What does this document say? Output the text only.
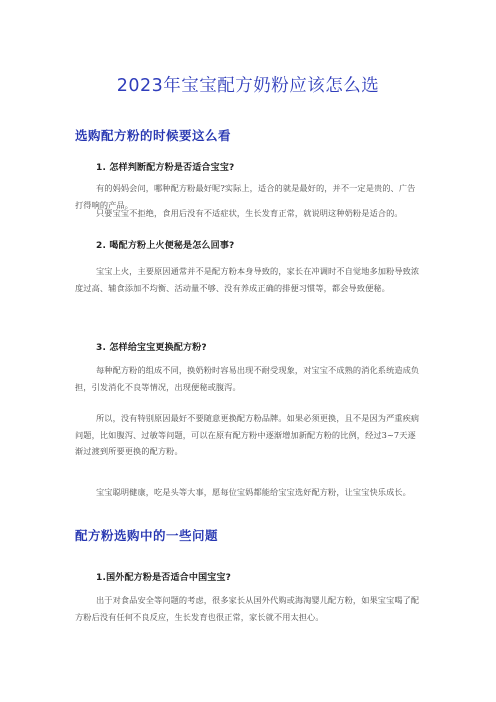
2023年宝宝配方奶粉应该怎么选
选购配方粉的时候要这么看
1. 怎样判断配方粉是否适合宝宝?

有的妈妈会问，哪种配方粉最好呢?实际上，适合的就是最好的，并不一定是贵的、广告打得响的产品。

只要宝宝不拒绝，食用后没有不适症状，生长发育正常，就说明这种奶粉是适合的。

2. 喝配方粉上火便秘是怎么回事?

宝宝上火，主要原因通常并不是配方粉本身导致的，家长在冲调时不自觉地多加粉导致浓度过高、辅食添加不均衡、活动量不够、没有养成正确的排便习惯等，都会导致便秘。

3. 怎样给宝宝更换配方粉?

每种配方粉的组成不同，换奶粉时容易出现不耐受现象，对宝宝不成熟的消化系统造成负担，引发消化不良等情况，出现便秘或腹泻。

所以，没有特别原因最好不要随意更换配方粉品牌。如果必须更换，且不是因为严重疾病问题，比如腹泻、过敏等问题，可以在原有配方粉中逐渐增加新配方粉的比例，经过3~7天逐渐过渡到所要更换的配方粉。

宝宝聪明健康，吃是头等大事，愿每位宝妈都能给宝宝选好配方粉，让宝宝快乐成长。

配方粉选购中的一些问题
1.国外配方粉是否适合中国宝宝?

出于对食品安全等问题的考虑，很多家长从国外代购或海淘婴儿配方粉，如果宝宝喝了配方粉后没有任何不良反应，生长发育也很正常，家长就不用太担心。
